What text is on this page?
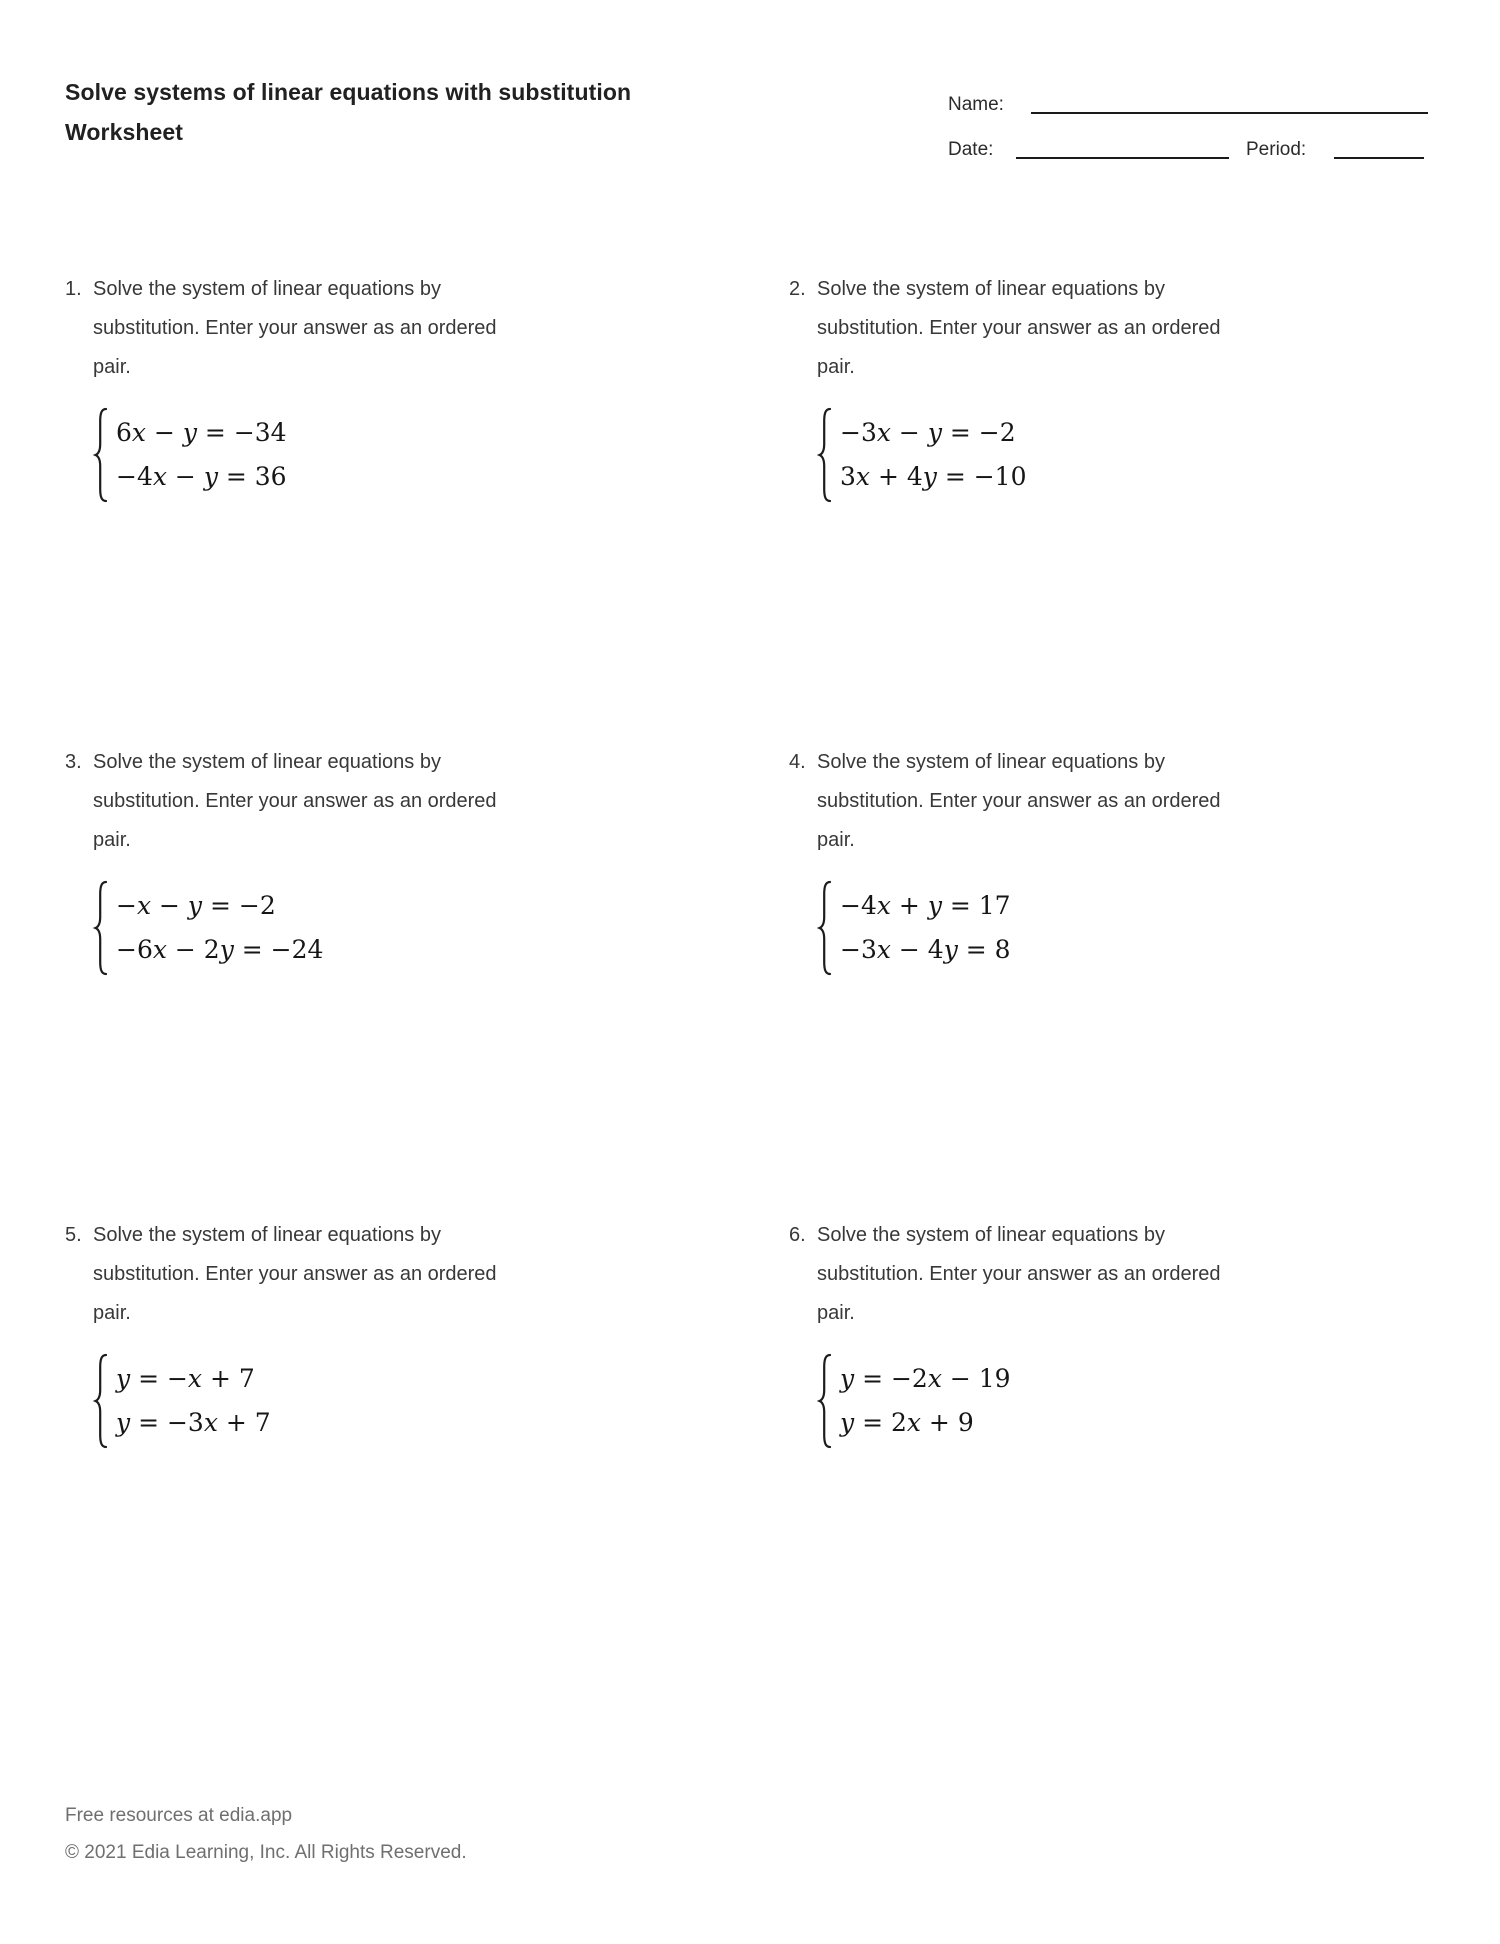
Solve systems of linear equations with substitution
Worksheet
Name:
Date:	Period:
1. Solve the system of linear equations by
substitution. Enter your answer as an ordered
pair.
6x − y = −34
−4x − y = 36
2. Solve the system of linear equations by
substitution. Enter your answer as an ordered
pair.
−3x − y = −2
3x + 4y = −10
3. Solve the system of linear equations by
substitution. Enter your answer as an ordered
pair.
−x − y = −2
−6x − 2y = −24
4. Solve the system of linear equations by
substitution. Enter your answer as an ordered
pair.
−4x + y = 17
−3x − 4y = 8
5. Solve the system of linear equations by
substitution. Enter your answer as an ordered
pair.
y = −x + 7
y = −3x + 7
6. Solve the system of linear equations by
substitution. Enter your answer as an ordered
pair.
y = −2x − 19
y = 2x + 9
Free resources at edia.app
© 2021 Edia Learning, Inc. All Rights Reserved.
